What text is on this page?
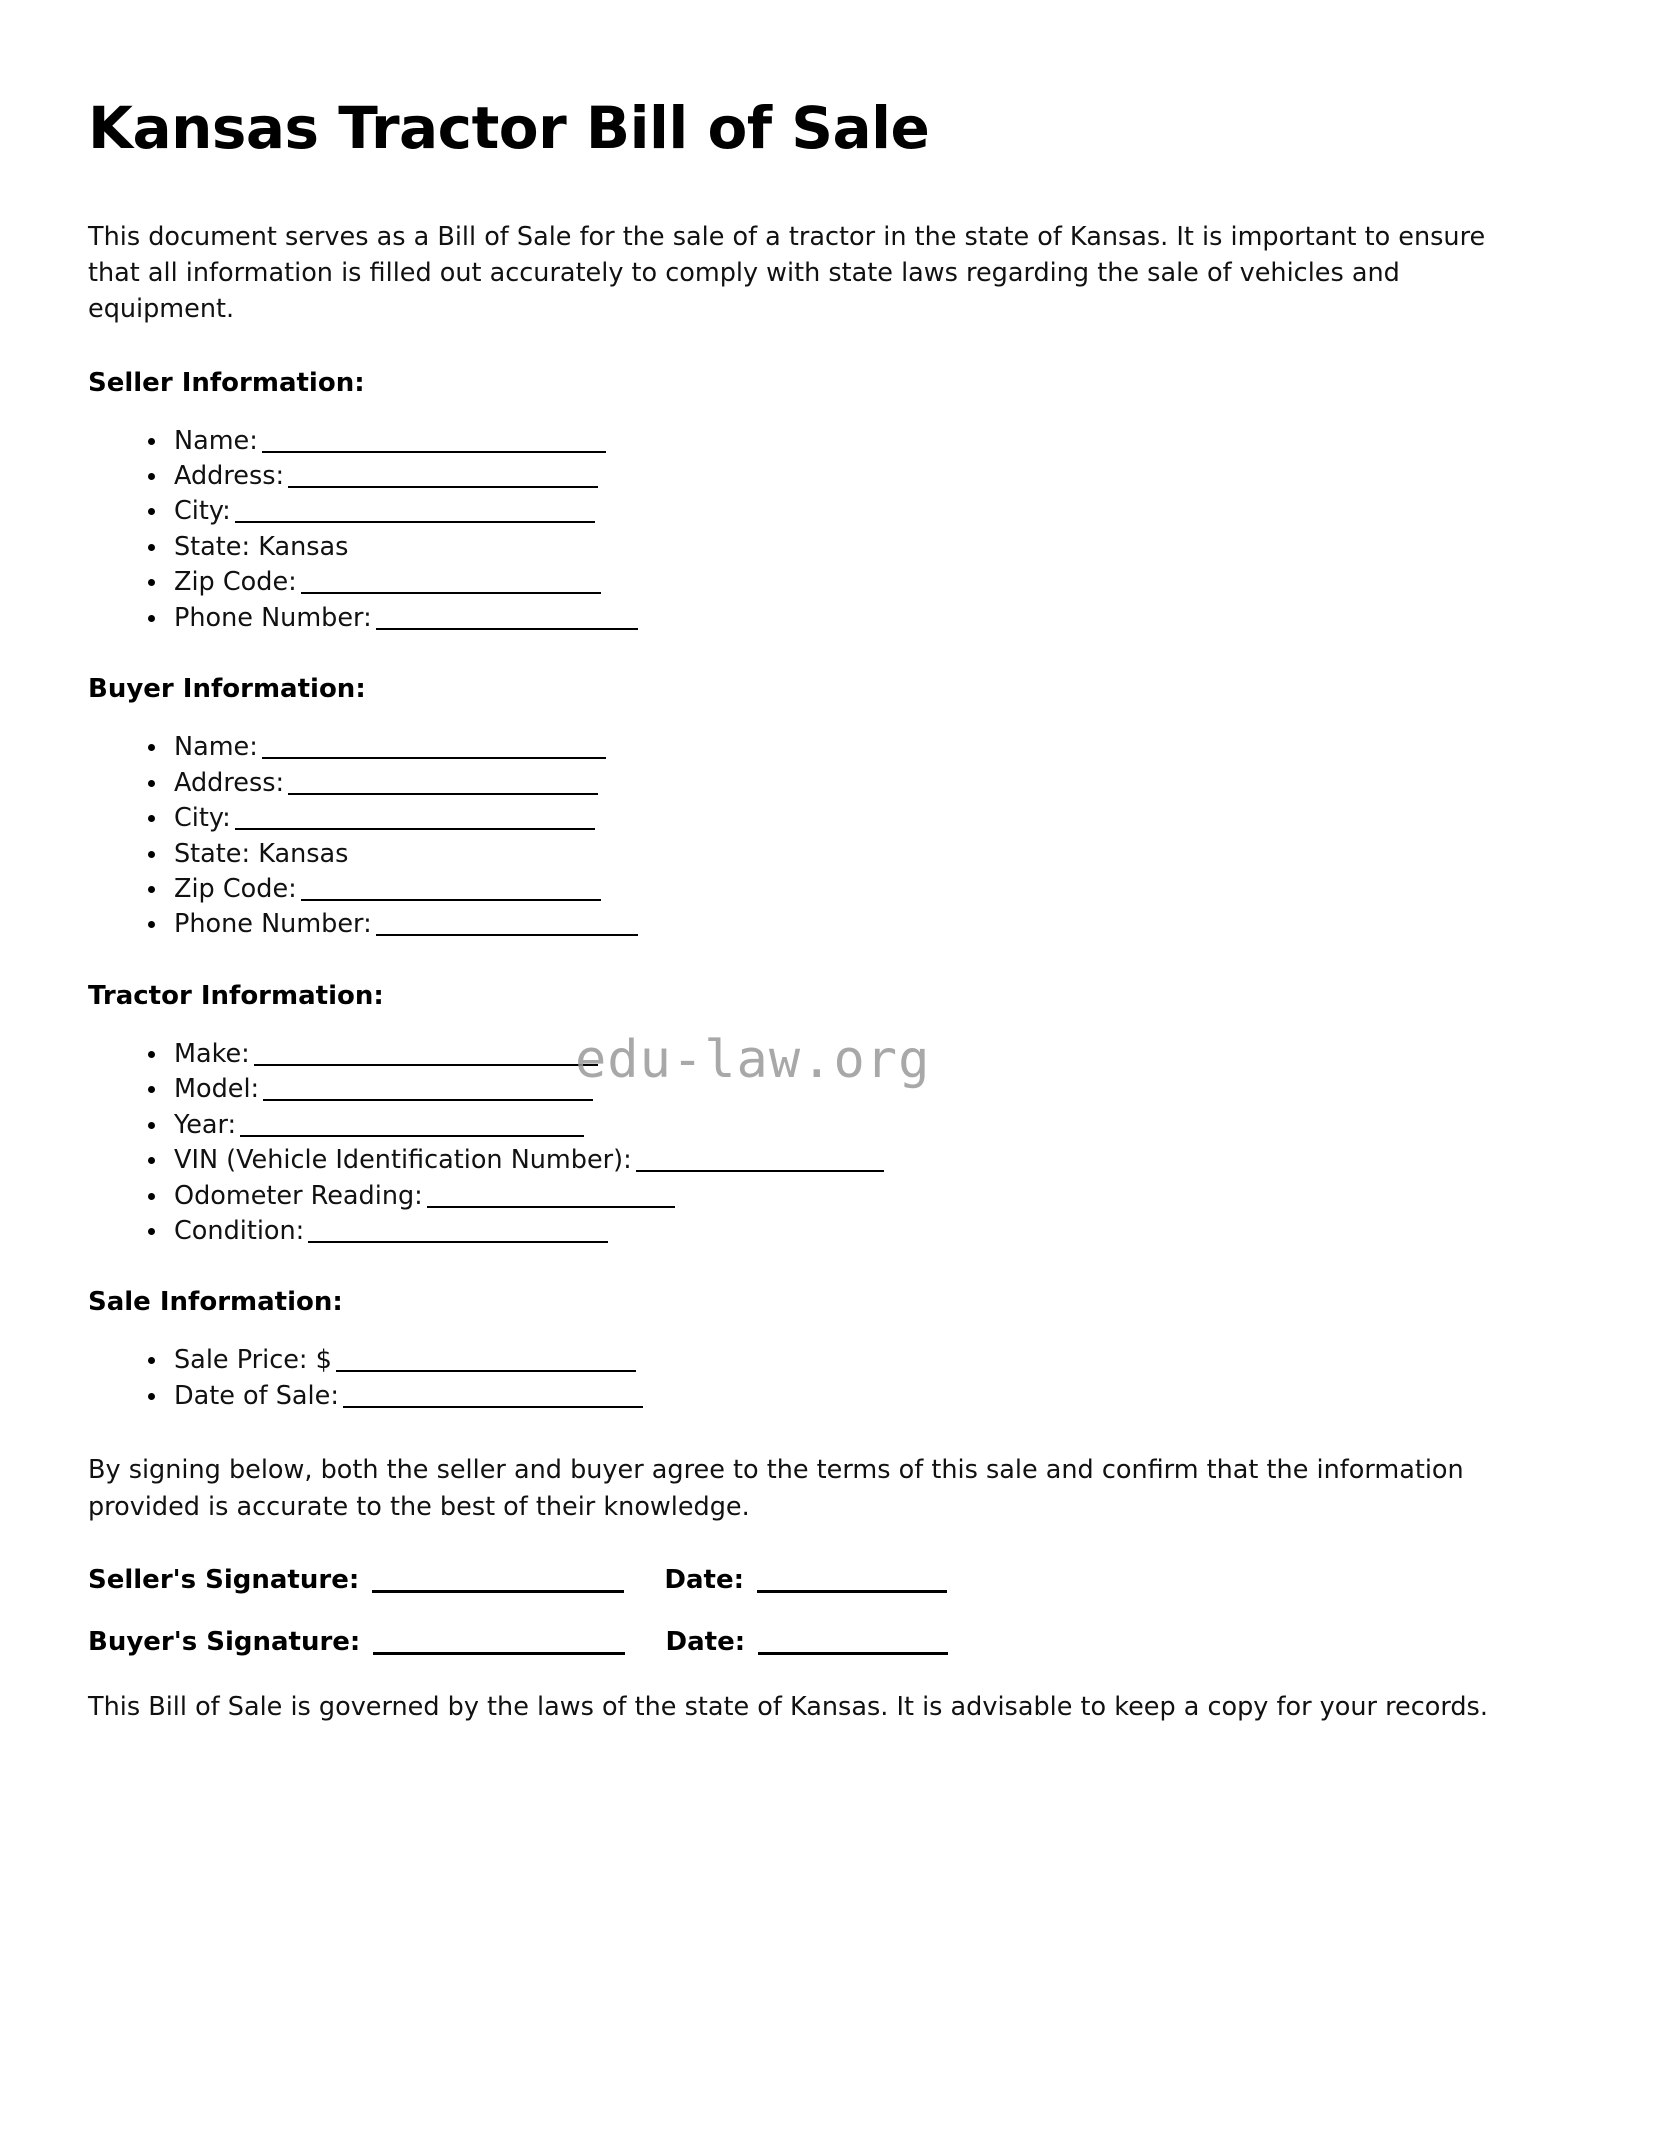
Kansas Tractor Bill of Sale

This document serves as a Bill of Sale for the sale of a tractor in the state of Kansas. It is important to ensure that all information is filled out accurately to comply with state laws regarding the sale of vehicles and equipment.

Seller Information:
Name:
Address:
City:
State: Kansas
Zip Code:
Phone Number:
Buyer Information:
Name:
Address:
City:
State: Kansas
Zip Code:
Phone Number:
Tractor Information:
Make:
Model:
Year:
VIN (Vehicle Identification Number):
Odometer Reading:
Condition:
Sale Information:
Sale Price: $
Date of Sale:

By signing below, both the seller and buyer agree to the terms of this sale and confirm that the information provided is accurate to the best of their knowledge.

Seller's Signature:	Date:
Buyer's Signature:	Date:

This Bill of Sale is governed by the laws of the state of Kansas. It is advisable to keep a copy for your records.

edu-law.org
